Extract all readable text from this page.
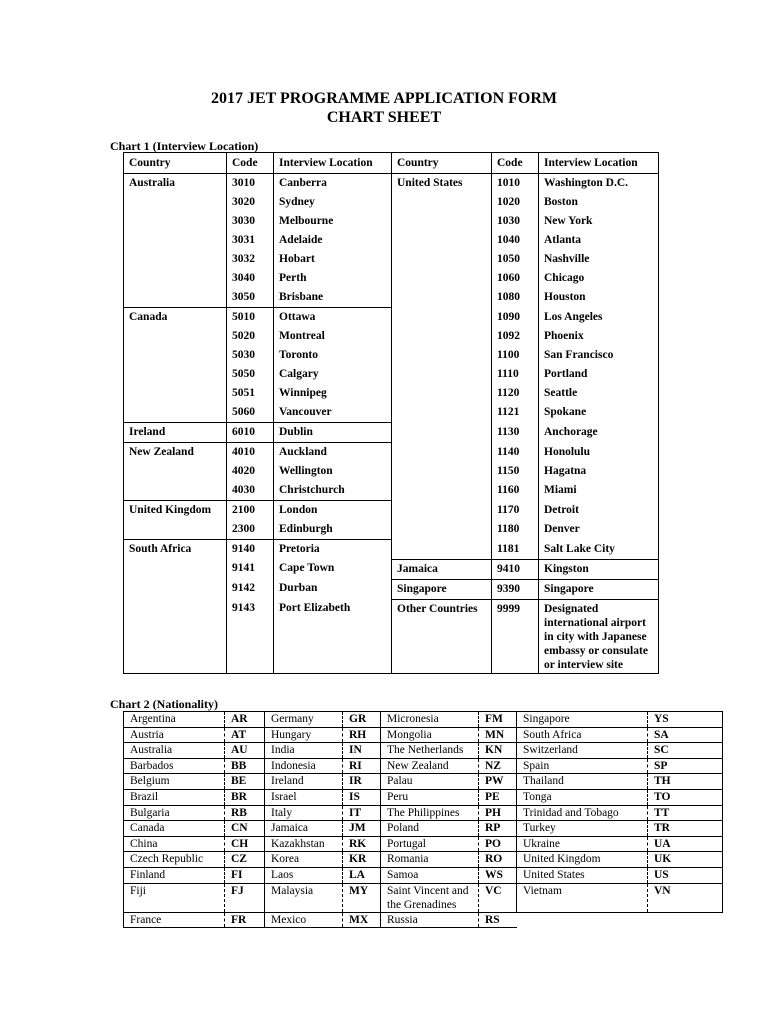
2017 JET PROGRAMME APPLICATION FORM
CHART SHEET
Chart 1 (Interview Location)
Country	Code	Interview Location	Country	Code	Interview Location
Australia	3010	Canberra	United States	1010	Washington D.C.
	3020	Sydney		1020	Boston
	3030	Melbourne		1030	New York
	3031	Adelaide		1040	Atlanta
	3032	Hobart		1050	Nashville
	3040	Perth		1060	Chicago
	3050	Brisbane		1080	Houston
Canada	5010	Ottawa		1090	Los Angeles
	5020	Montreal		1092	Phoenix
	5030	Toronto		1100	San Francisco
	5050	Calgary		1110	Portland
	5051	Winnipeg		1120	Seattle
	5060	Vancouver		1121	Spokane
Ireland	6010	Dublin		1130	Anchorage
New Zealand	4010	Auckland		1140	Honolulu
	4020	Wellington		1150	Hagatna
	4030	Christchurch		1160	Miami
United Kingdom	2100	London		1170	Detroit
	2300	Edinburgh		1180	Denver
South Africa	9140	Pretoria		1181	Salt Lake City
	9141	Cape Town	Jamaica	9410	Kingston
	9142	Durban	Singapore	9390	Singapore
	9143	Port Elizabeth	Other Countries	9999	Designated international airport in city with Japanese embassy or consulate or interview site
Chart 2 (Nationality)
Argentina	AR	Germany	GR	Micronesia	FM	Singapore	YS
Austria	AT	Hungary	RH	Mongolia	MN	South Africa	SA
Australia	AU	India	IN	The Netherlands	KN	Switzerland	SC
Barbados	BB	Indonesia	RI	New Zealand	NZ	Spain	SP
Belgium	BE	Ireland	IR	Palau	PW	Thailand	TH
Brazil	BR	Israel	IS	Peru	PE	Tonga	TO
Bulgaria	RB	Italy	IT	The Philippines	PH	Trinidad and Tobago	TT
Canada	CN	Jamaica	JM	Poland	RP	Turkey	TR
China	CH	Kazakhstan	RK	Portugal	PO	Ukraine	UA
Czech Republic	CZ	Korea	KR	Romania	RO	United Kingdom	UK
Finland	FI	Laos	LA	Samoa	WS	United States	US
Fiji	FJ	Malaysia	MY	Saint Vincent and the Grenadines	VC	Vietnam	VN
France	FR	Mexico	MX	Russia	RS		
